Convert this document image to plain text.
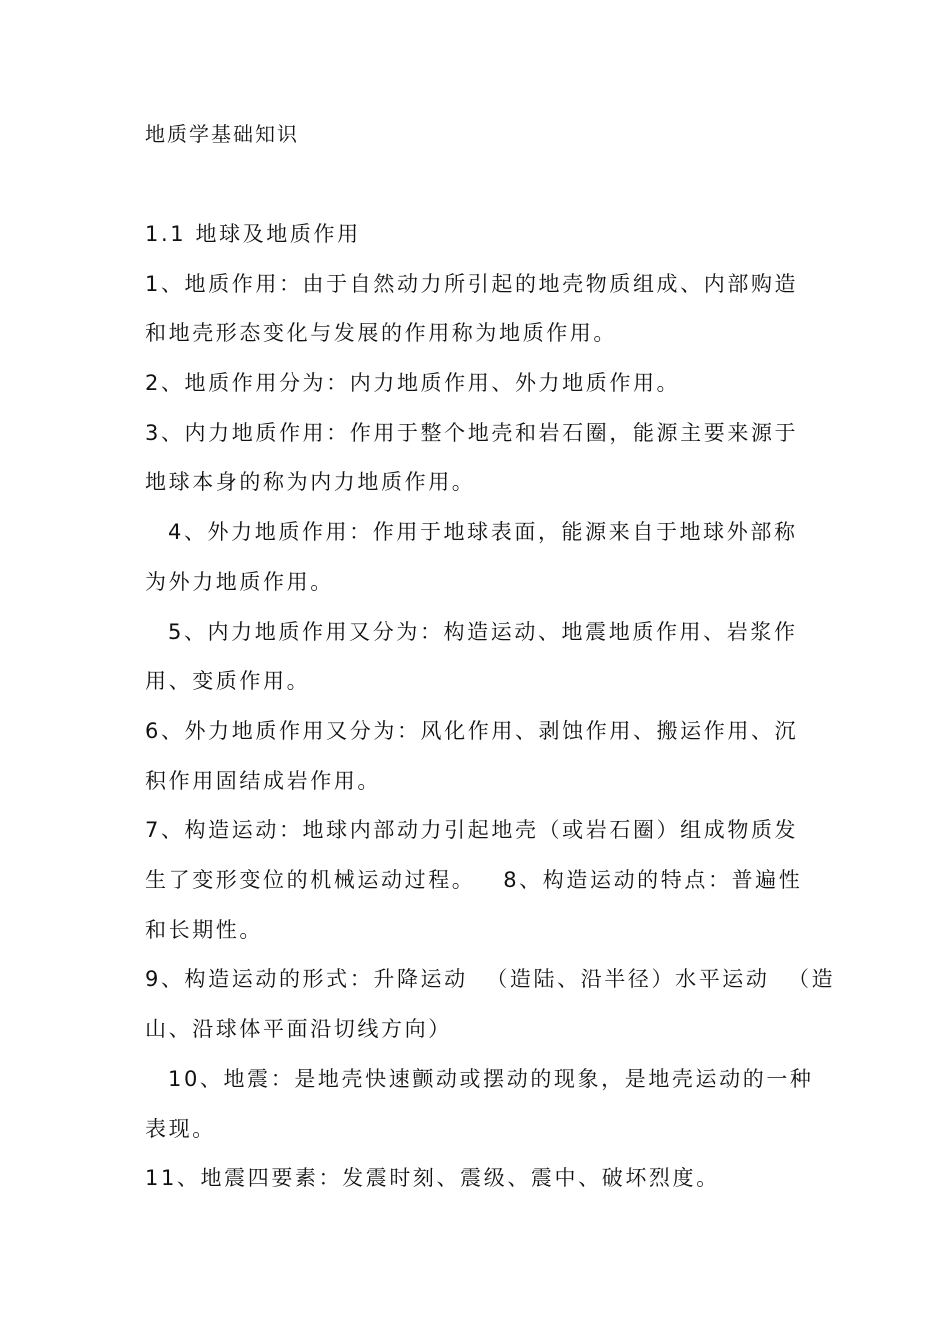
地质学基础知识
1.1 地球及地质作用
1、地质作用：由于自然动力所引起的地壳物质组成、内部购造
和地壳形态变化与发展的作用称为地质作用。
2、地质作用分为：内力地质作用、外力地质作用。
3、内力地质作用：作用于整个地壳和岩石圈，能源主要来源于
地球本身的称为内力地质作用。
4、外力地质作用：作用于地球表面，能源来自于地球外部称
为外力地质作用。
5、内力地质作用又分为：构造运动、地震地质作用、岩浆作
用、变质作用。
6、外力地质作用又分为：风化作用、剥蚀作用、搬运作用、沉
积作用固结成岩作用。
7、构造运动：地球内部动力引起地壳（或岩石圈）组成物质发
生了变形变位的机械运动过程。   8、构造运动的特点：普遍性
和长期性。
9、构造运动的形式：升降运动  （造陆、沿半径）水平运动  （造
山、沿球体平面沿切线方向）
10、地震：是地壳快速颤动或摆动的现象，是地壳运动的一种
表现。
11、地震四要素：发震时刻、震级、震中、破坏烈度。
